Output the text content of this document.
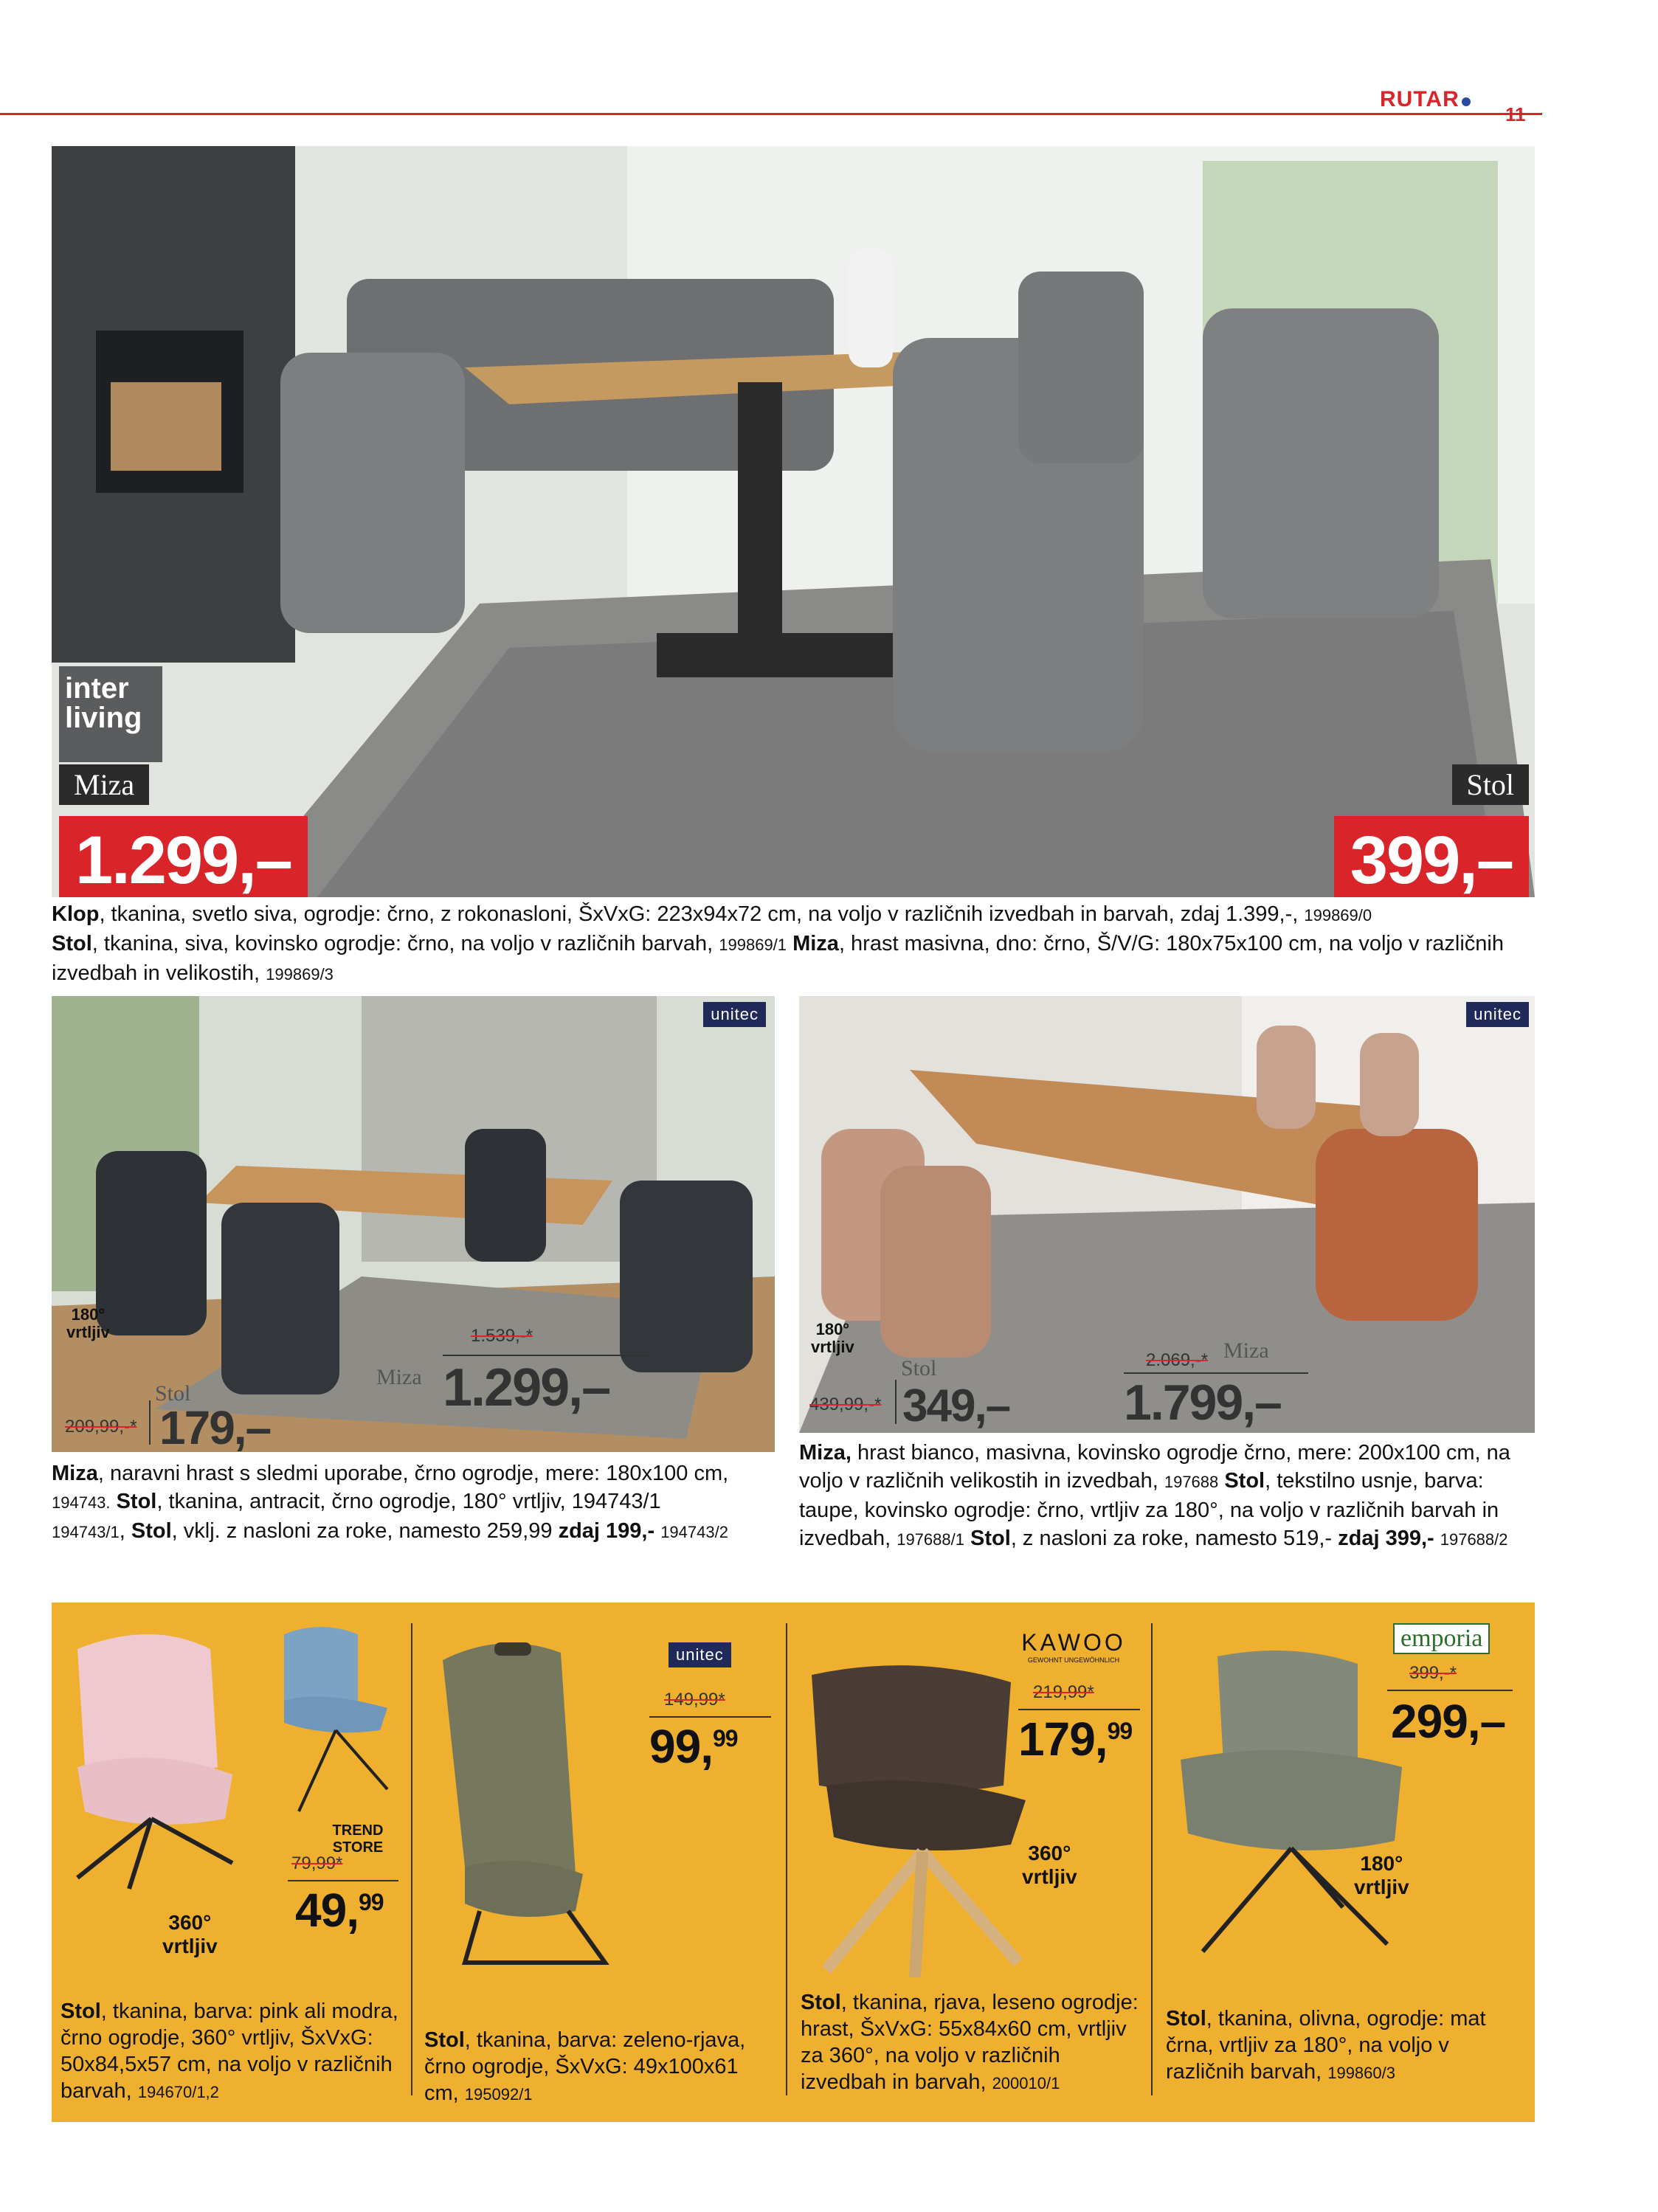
RUTAR
11
inter
living
Miza
1.299,–
Stol
399,–
Klop, tkanina, svetlo siva, ogrodje: črno, z rokonasloni, ŠxVxG: 223x94x72 cm, na voljo v različnih izvedbah in barvah, zdaj 1.399,-, 199869/0
Stol, tkanina, siva, kovinsko ogrodje: črno, na voljo v različnih barvah, 199869/1 Miza, hrast masivna, dno: črno, Š/V/G: 180x75x100 cm, na voljo v različnih izvedbah in velikostih, 199869/3
unitec
180°
vrtljiv	1.539,-*
Miza 1.299,–
Stol
209,99,-* 179,–
Miza, naravni hrast s sledmi uporabe, črno ogrodje, mere: 180x100 cm, 194743. Stol, tkanina, antracit, črno ogrodje, 180° vrtljiv, 194743/1
194743/1, Stol, vklj. z nasloni za roke, namesto 259,99 zdaj 199,- 194743/2
unitec
180°
vrtljiv
Stol
439,99,-* 349,–
2.069,-* Miza
1.799,–
Miza, hrast bianco, masivna, kovinsko ogrodje črno, mere: 200x100 cm, na voljo v različnih velikostih in izvedbah, 197688 Stol, tekstilno usnje, barva: taupe, kovinsko ogrodje: črno, vrtljiv za 180°, na voljo v različnih barvah in izvedbah, 197688/1 Stol, z nasloni za roke, namesto 519,- zdaj 399,- 197688/2
TREND STORE
79,99*
49,99
360°
vrtljiv
Stol, tkanina, barva: pink ali modra, črno ogrodje, 360° vrtljiv, ŠxVxG: 50x84,5x57 cm, na voljo v različnih barvah, 194670/1,2
unitec
149,99*
99,99
Stol, tkanina, barva: zeleno-rjava, črno ogrodje, ŠxVxG: 49x100x61 cm, 195092/1
KAWOO
GEWOHNT UNGEWÖHNLICH
219,99*
179,99
360°
vrtljiv
Stol, tkanina, rjava, leseno ogrodje: hrast, ŠxVxG: 55x84x60 cm, vrtljiv za 360°, na voljo v različnih izvedbah in barvah, 200010/1
emporia
399,-*
299,–
180°
vrtljiv
Stol, tkanina, olivna, ogrodje: mat črna, vrtljiv za 180°, na voljo v različnih barvah, 199860/3
